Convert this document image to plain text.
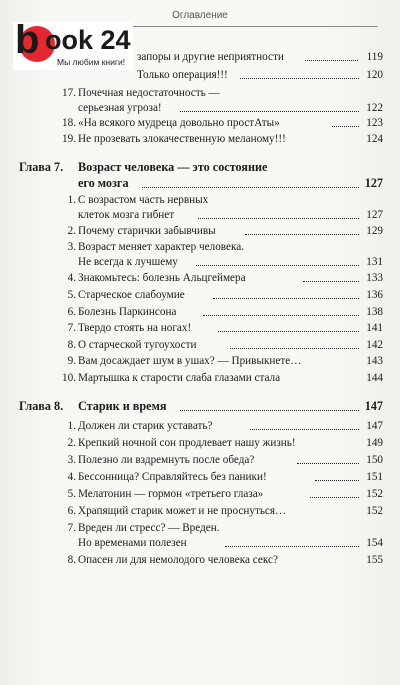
Оглавление
b ook 24
Мы любим книги! запоры и другие неприятности	119
Только операция!!!	120
17. Почечная недостаточность —
серьезная угроза!	122
18. «На всякого мудреца довольно простАты»	123
19. Не прозевать злокачественную меланому!!!	124
Глава 7. Возраст человека — это состояние
его мозга	127
1. С возрастом часть нервных
клеток мозга гибнет	127
2. Почему старички забывчивы	129
3. Возраст меняет характер человека.
Не всегда к лучшему	131
4. Знакомьтесь: болезнь Альцгеймера	133
5. Старческое слабоумие	136
6. Болезнь Паркинсона	138
7. Твердо стоять на ногах!	141
8. О старческой тугоухости	142
9. Вам досаждает шум в ушах? — Привыкнете…	143
10. Мартышка к старости слаба глазами стала	144
Глава 8. Старик и время	147
1. Должен ли старик уставать?	147
2. Крепкий ночной сон продлевает нашу жизнь!	149
3. Полезно ли вздремнуть после обеда?	150
4. Бессонница? Справляйтесь без паники!	151
5. Мелатонин — гормон «третьего глаза»	152
6. Храпящий старик может и не проснуться…	152
7. Вреден ли стресс? — Вреден.
Но временами полезен	154
8. Опасен ли для немолодого человека секс?	155
